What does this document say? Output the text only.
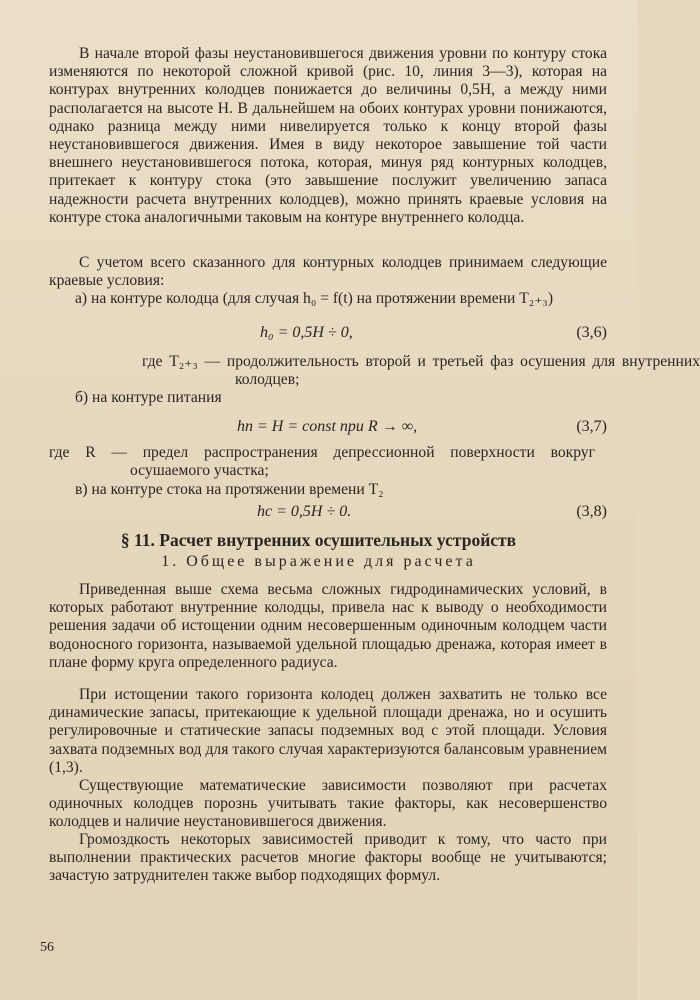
В начале второй фазы неустановившегося движения уровни по контуру стока изменяются по некоторой сложной кривой (рис. 10, линия 3—3), которая на контурах внутренних колодцев понижается до величины 0,5H, а между ними располагается на высоте H. В дальнейшем на обоих контурах уровни понижаются, однако разница между ними нивелируется только к концу второй фазы неустановившегося движения. Имея в виду некоторое завышение той части внешнего неустановившегося потока, которая, минуя ряд контурных колодцев, притекает к контуру стока (это завышение послужит увеличению запаса надежности расчета внутренних колодцев), можно принять краевые условия на контуре стока аналогичными таковым на контуре внутреннего колодца.

С учетом всего сказанного для контурных колодцев принимаем следующие краевые условия:

а) на контуре колодца (для случая h₀ = f(t) на протяжении времени T₂₊₃)

h₀ = 0,5H ÷ 0,	(3,6)

где T₂₊₃ — продолжительность второй и третьей фаз осушения для внутренних колодцев;

б) на контуре питания

hп = H = const при R → ∞,	(3,7)

где R — предел распространения депрессионной поверхности вокруг осушаемого участка;

в) на контуре стока на протяжении времени T₂

hс = 0,5H ÷ 0.	(3,8)
§ 11. Расчет внутренних осушительных устройств
1. Общее выражение для расчета

Приведенная выше схема весьма сложных гидродинамических условий, в которых работают внутренние колодцы, привела нас к выводу о необходимости решения задачи об истощении одним несовершенным одиночным колодцем части водоносного горизонта, называемой удельной площадью дренажа, которая имеет в плане форму круга определенного радиуса.

При истощении такого горизонта колодец должен захватить не только все динамические запасы, притекающие к удельной площади дренажа, но и осушить регулировочные и статические запасы подземных вод с этой площади. Условия захвата подземных вод для такого случая характеризуются балансовым уравнением (1,3).

Существующие математические зависимости позволяют при расчетах одиночных колодцев порознь учитывать такие факторы, как несовершенство колодцев и наличие неустановившегося движения.

Громоздкость некоторых зависимостей приводит к тому, что часто при выполнении практических расчетов многие факторы вообще не учитываются; зачастую затруднителен также выбор подходящих формул.

56
